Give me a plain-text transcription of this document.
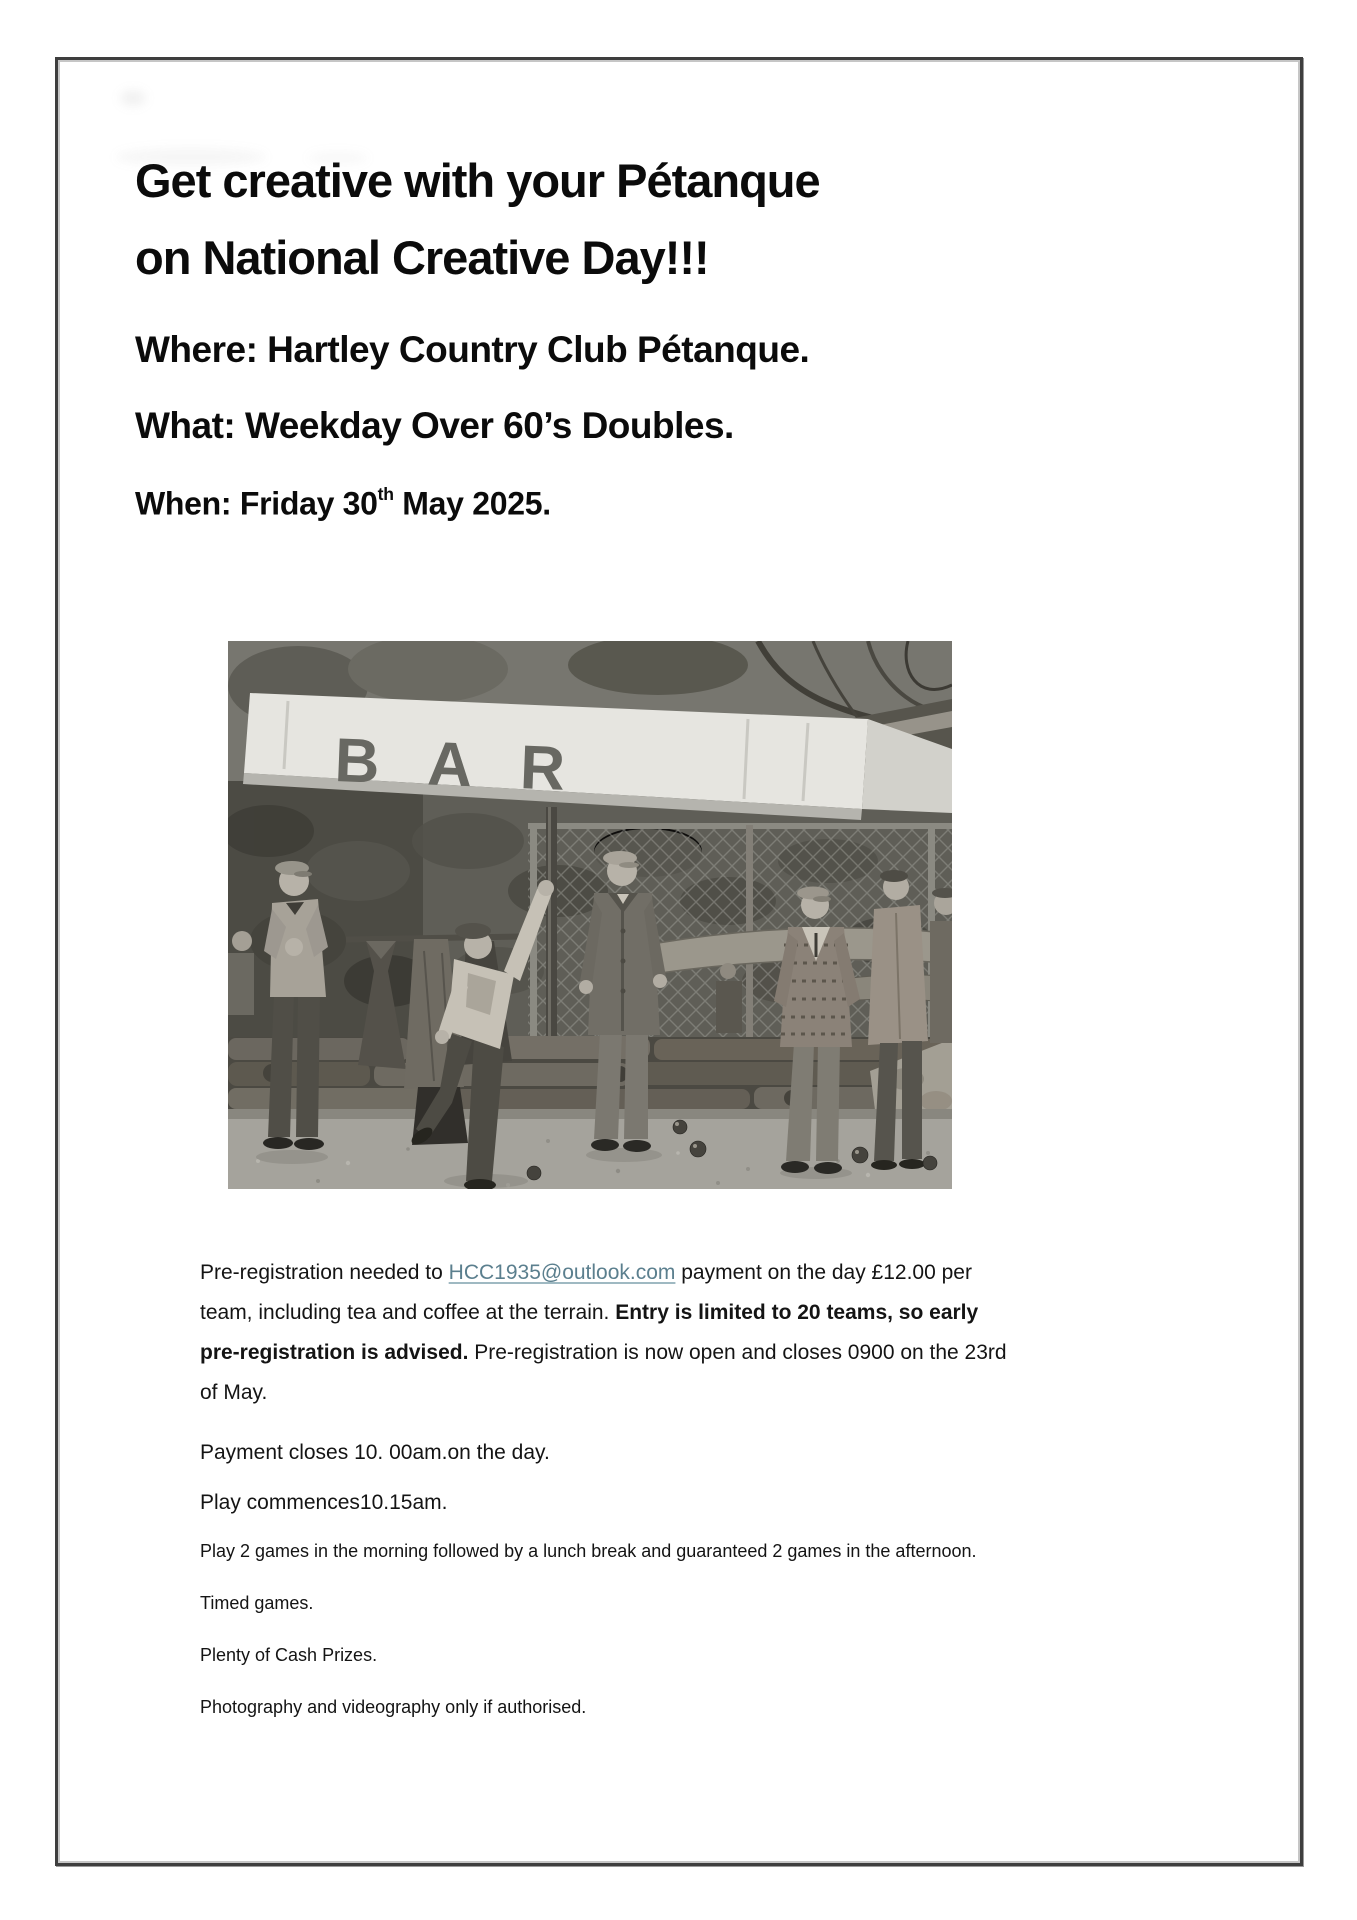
Get creative with your Pétanque
on National Creative Day!!!
Where: Hartley Country Club Pétanque.
What: Weekday Over 60’s Doubles.
When: Friday 30th May 2025.
BAR

Pre-registration needed to HCC1935@outlook.com payment on the day £12.00 per team, including tea and coffee at the terrain. Entry is limited to 20 teams, so early pre-registration is advised. Pre-registration is now open and closes 0900 on the 23rd of May.

Payment closes 10. 00am.on the day.

Play commences10.15am.

Play 2 games in the morning followed by a lunch break and guaranteed 2 games in the afternoon.

Timed games.

Plenty of Cash Prizes.

Photography and videography only if authorised.
